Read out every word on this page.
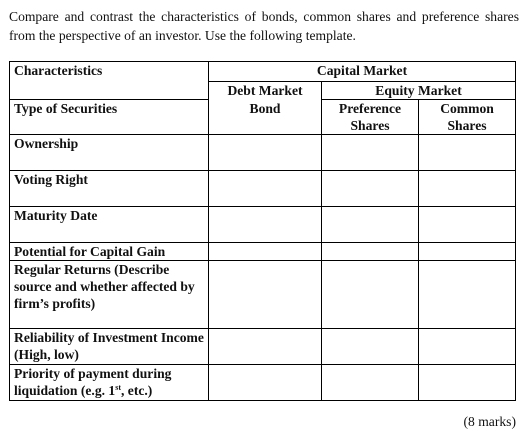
Compare and contrast the characteristics of bonds, common shares and preference shares from the perspective of an investor. Use the following template.

Characteristics	Capital Market		
	Debt Market	Equity Market	
Type of Securities	Bond	Preference Shares	Common Shares
Ownership			
Voting Right			
Maturity Date			
Potential for Capital Gain			
Regular Returns (Describe source and whether affected by firm’s profits)			
Reliability of Investment Income (High, low)			
Priority of payment during liquidation (e.g. 1st, etc.)			
(8 marks)
